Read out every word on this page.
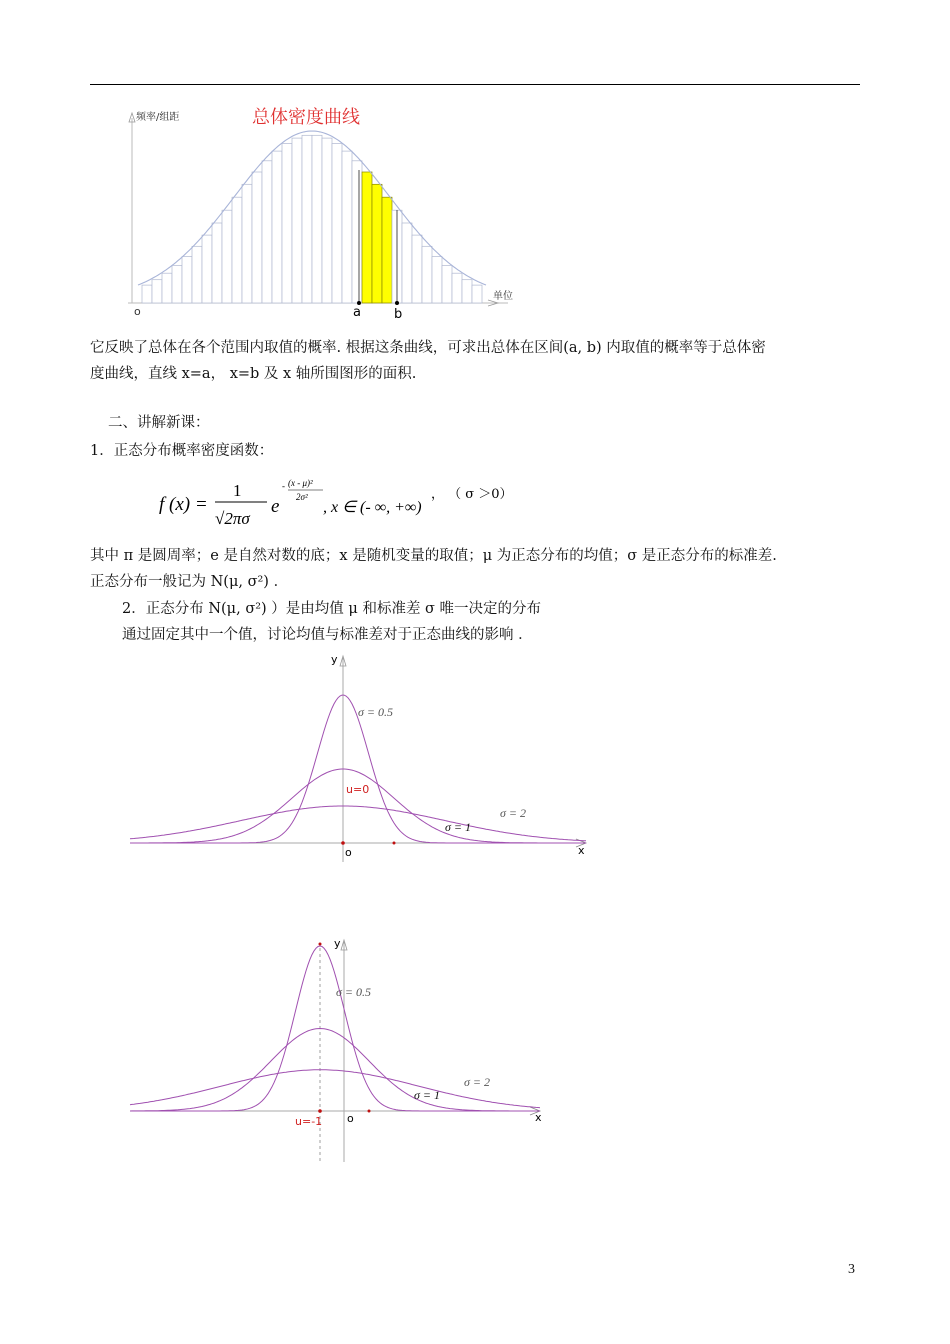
频率/组距	总体密度曲线
单位
o	a	b
它反映了总体在各个范围内取值的概率. 根据这条曲线，可求出总体在区间(a, b) 内取值的概率等于总体密
度曲线，直线 x=a， x=b 及 x 轴所围图形的面积.
二、讲解新课：
1．正态分布概率密度函数：
f (x) =
1
√2πσ
e
- (x - μ)²
2σ²
, x ∈ (- ∞, +∞)
， （ σ ＞0）
其中 π 是圆周率；e 是自然对数的底；x 是随机变量的取值；μ 为正态分布的均值；σ 是正态分布的标准差.
正态分布一般记为 N(μ, σ²) ．
2．正态分布 N(μ, σ²) ）是由均值 μ 和标准差 σ 唯一决定的分布
通过固定其中一个值，讨论均值与标准差对于正态曲线的影响 ．
y
x
o
u=0
σ = 0.5
σ = 1
σ = 2
y
x
o
u=-1
σ = 0.5
σ = 1
σ = 2
3
